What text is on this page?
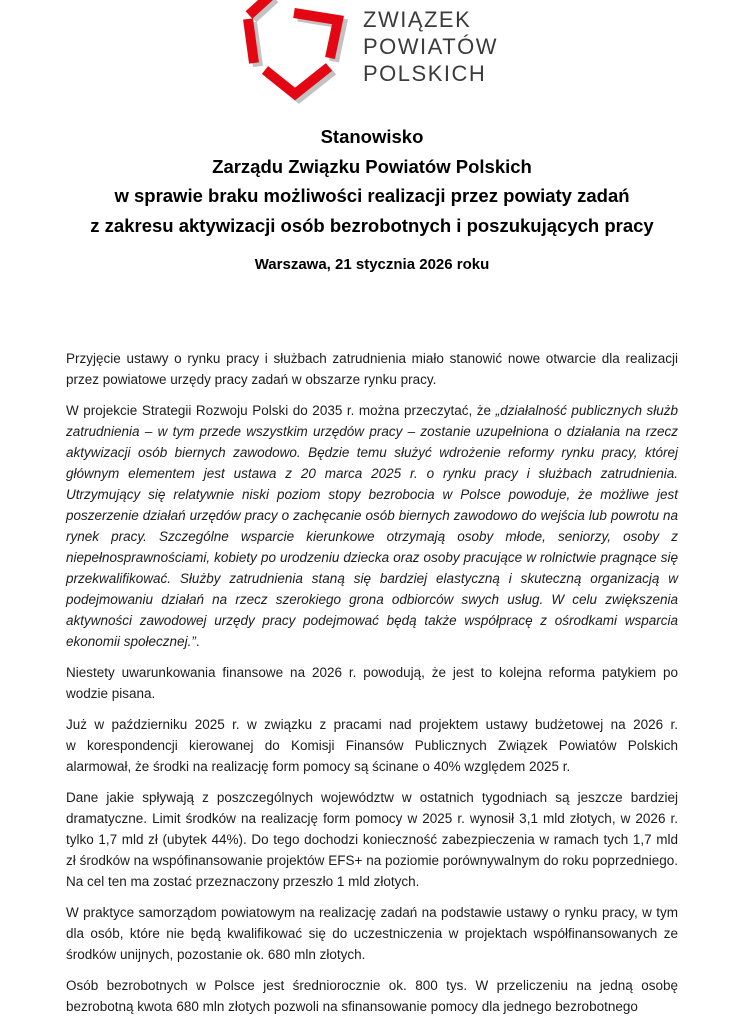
ZWIĄZEK
POWIATÓW
POLSKICH
Stanowisko
Zarządu Związku Powiatów Polskich
w sprawie braku możliwości realizacji przez powiaty zadań
z zakresu aktywizacji osób bezrobotnych i poszukujących pracy
Warszawa, 21 stycznia 2026 roku

Przyjęcie ustawy o rynku pracy i służbach zatrudnienia miało stanowić nowe otwarcie dla realizacji przez powiatowe urzędy pracy zadań w obszarze rynku pracy.

W projekcie Strategii Rozwoju Polski do 2035 r. można przeczytać, że „działalność publicznych służb zatrudnienia – w tym przede wszystkim urzędów pracy – zostanie uzupełniona o działania na rzecz aktywizacji osób biernych zawodowo. Będzie temu służyć wdrożenie reformy rynku pracy, której głównym elementem jest ustawa z 20 marca 2025 r. o rynku pracy i służbach zatrudnienia. Utrzymujący się relatywnie niski poziom stopy bezrobocia w Polsce powoduje, że możliwe jest poszerzenie działań urzędów pracy o zachęcanie osób biernych zawodowo do wejścia lub powrotu na rynek pracy. Szczególne wsparcie kierunkowe otrzymają osoby młode, seniorzy, osoby z niepełnosprawnościami, kobiety po urodzeniu dziecka oraz osoby pracujące w rolnictwie pragnące się przekwalifikować. Służby zatrudnienia staną się bardziej elastyczną i skuteczną organizacją w podejmowaniu działań na rzecz szerokiego grona odbiorców swych usług. W celu zwiększenia aktywności zawodowej urzędy pracy podejmować będą także współpracę z ośrodkami wsparcia ekonomii społecznej.”.

Niestety uwarunkowania finansowe na 2026 r. powodują, że jest to kolejna reforma patykiem po wodzie pisana.

Już w październiku 2025 r. w związku z pracami nad projektem ustawy budżetowej na 2026 r. w korespondencji kierowanej do Komisji Finansów Publicznych Związek Powiatów Polskich alarmował, że środki na realizację form pomocy są ścinane o 40% względem 2025 r.

Dane jakie spływają z poszczególnych województw w ostatnich tygodniach są jeszcze bardziej dramatyczne. Limit środków na realizację form pomocy w 2025 r. wynosił 3,1 mld złotych, w 2026 r. tylko 1,7 mld zł (ubytek 44%). Do tego dochodzi konieczność zabezpieczenia w ramach tych 1,7 mld zł środków na wspófinansowanie projektów EFS+ na poziomie porównywalnym do roku poprzedniego. Na cel ten ma zostać przeznaczony przeszło 1 mld złotych.

W praktyce samorządom powiatowym na realizację zadań na podstawie ustawy o rynku pracy, w tym dla osób, które nie będą kwalifikować się do uczestniczenia w projektach współfinansowanych ze środków unijnych, pozostanie ok. 680 mln złotych.

Osób bezrobotnych w Polsce jest średniorocznie ok. 800 tys. W przeliczeniu na jedną osobę bezrobotną kwota 680 mln złotych pozwoli na sfinansowanie pomocy dla jednego bezrobotnego
